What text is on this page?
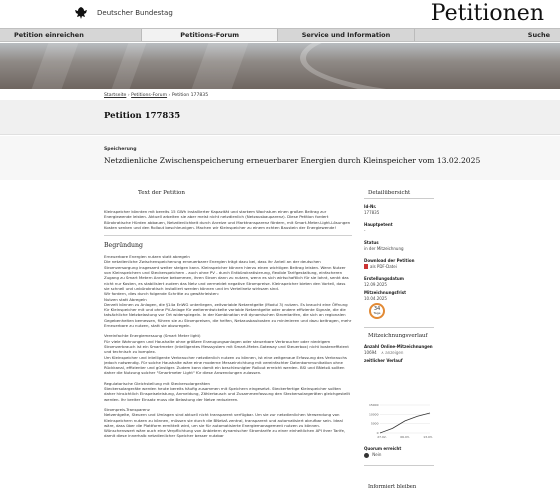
Deutscher Bundestag	Petitionen
Petition einreichen	Petitions-Forum	Service und Information	Suche
Startseite › Petitions-Forum › Petition 177835
Petition 177835
Speicherung
Netzdienliche Zwischenspeicherung erneuerbarer Energien durch Kleinspeicher vom 13.02.2025
Text der Petition
Kleinspeicher könnten mit bereits 15 GWh installierter Kapazität und starkem Wachstum einen großen Beitrag zur Energiewende leisten. Aktuell arbeiten sie aber meist nicht netzdienlich (Netzausbauparenz). Diese Petition fordert Bürokratische Hürden abbauen, Netzdienlichkeit durch Anreize und Marktransparenz fördern, mit Smart-Meter-Light-Lösungen Kosten senken und den Rollout beschleunigen. Machen wir Kleinspeicher zu einem echten Baustein der Energiewende!
Begründung
Erneuerbare Energien nutzen statt abregeln
Die netzdienliche Zwischenspeicherung erneuerbarer Energien trägt dazu bei, dass ihr Anteil an der deutschen Stromversorgung insgesamt weiter steigen kann. Kleinspeicher können hierzu einen wichtigen Beitrag leisten. Wenn Nutzer von Kleinspeichern und Steckerspeichern - auch ohne PV - durch Entbürokratisierung, flexible Tarifgestaltung, einfacheren Zugang zu Smart Metern Anreize bekommen, ihren Strom dann zu nutzen, wenn es sich wirtschaftlich für sie lohnt, senkt das nicht nur Kosten, es stabilisiert zudem das Netz und vermeidet negative Strompreise. Kleinspeicher bieten den Vorteil, dass sie schnell und unbürokratisch installiert werden können und im Verteilnetz wirksam sind.
Wir fordern, dies durch folgende Schritte zu gewährleisten:
Nutzen statt Abregeln
Derzeit können zu Anlagen, die §14a EnWG unterliegen, zeitvariable Netzentgelte (Modul 3) nutzen. Es braucht eine Öffnung für Kleinspeicher mit und ohne PV-Anlage für weiterentwickelte variable Netzentgelte oder andere effiziente Signale, die die tatsächliche Netzbelastung vor Ort widerspiegeln. In der Kombination mit dynamischen Stromtarifen, die sich an regionalen Gegebenheiten bemessen, führen sie zu Strompreisen, die helfen, Netzausbaukosten zu minimieren und dazu beitragen, mehr Erneuerbare zu nutzen, statt sie abzuregeln.
Vereinfachte Energiemessung (Smart Meter light)
Für viele Wohnungen und Haushalte ohne größere Erzeugungsanlagen oder steuerbare Verbraucher oder niedrigem Stromverbrauch ist ein Smartmeter (intelligentes Messsystem mit Smart-Meter-Gateway und Steuerbox) nicht kosteneffizient und technisch zu komplex.
Um Kleinspeicher und intelligente Verbraucher netzdienlich nutzen zu können, ist eine zeitgenaue Erfassung des Verbrauchs jedoch notwendig. Für solche Haushalte wäre eine moderne Messeinrichtung mit vereinfachter Datenkommunikation ohne Rückkanal, effizienter und günstiger. Zudem kann damit ein beschleunigter Rollout erreicht werden. BSI und BNetzA sollten daher die Nutzung solcher "Smartmeter Light" für diese Anwendungen zulassen.
Regulatorische Gleichstellung mit Steckersolargeräten
Steckersolargeräte werden heute bereits häufig zusammen mit Speichern eingesetzt. Steckerfertige Kleinspeicher sollten daher hinsichtlich Einspeiseleistung, Anmeldung, Zählertausch und Zusammenfassung den Steckersolargeräten gleichgestellt werden. Ihr breiter Einsatz muss die Belastung der Netze reduzieren.
Strompreis-Transparenz
Netzentgelte, Steuern und Umlagen sind aktuell nicht transparent verfügbar. Um sie zur netzdienlichen Verwendung von Kleinspeichern nutzen zu können, müssen sie durch die BNetzA zentral, transparent und automatisiert abrufbar sein. Ideal wäre, dass über die Plattform ermittelt wird, um sie für automatisierte Energiemanagement nutzen zu können. Wünschenswert wäre auch eine Verpflichtung von Anbietern dynamischer Stromtarife zu einer einheitlichen API ihrer Tarife, damit diese innerhalb netzdienlicher Speicher besser nutzbar
Detailübersicht
Id-Nr.
177835
Hauptpetent
-
Status
in der Mitzeichnung
Download der Petition
als PDF-Datei
Erstellungsdatum
12.09.2025
Mitzeichnungsfrist
10.04.2025
34
Tage
Mitzeichnungsverlauf
Anzahl Online-Mitzeichnungen
10694 ∧ anzeigen
zeitlicher Verlauf
0
5000
10000
15000
27.02.	06.03.	13.03.
Quorum erreicht
Nein
Informiert bleiben
